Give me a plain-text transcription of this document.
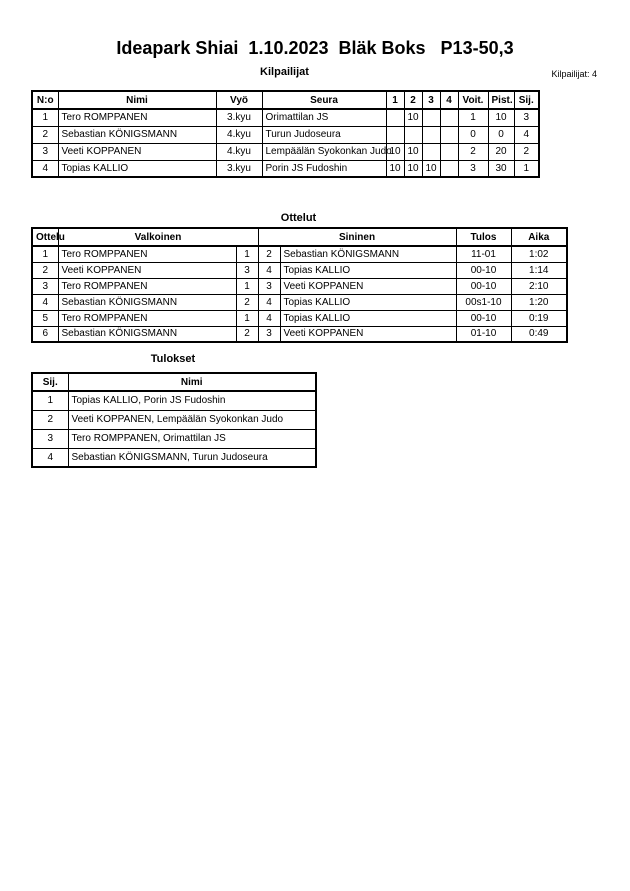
Ideapark Shiai  1.10.2023  Bläk Boks   P13-50,3
Kilpailijat: 4
Kilpailijat
N:o	Nimi	Vyö	Seura	1	2	3	4	Voit.	Pist.	Sij.
1	Tero ROMPPANEN	3.kyu	Orimattilan JS		10			1	10	3
2	Sebastian KÖNIGSMANN	4.kyu	Turun Judoseura					0	0	4
3	Veeti KOPPANEN	4.kyu	Lempäälän Syokonkan Judo	10	10			2	20	2
4	Topias KALLIO	3.kyu	Porin JS Fudoshin	10	10	10		3	30	1
Ottelut
Ottelu	Valkoinen		Sininen		Tulos	Aika
1	Tero ROMPPANEN	1	2	Sebastian KÖNIGSMANN	11-01	1:02
2	Veeti KOPPANEN	3	4	Topias KALLIO	00-10	1:14
3	Tero ROMPPANEN	1	3	Veeti KOPPANEN	00-10	2:10
4	Sebastian KÖNIGSMANN	2	4	Topias KALLIO	00s1-10	1:20
5	Tero ROMPPANEN	1	4	Topias KALLIO	00-10	0:19
6	Sebastian KÖNIGSMANN	2	3	Veeti KOPPANEN	01-10	0:49
Tulokset
Sij.	Nimi
1	Topias KALLIO, Porin JS Fudoshin
2	Veeti KOPPANEN, Lempäälän Syokonkan Judo
3	Tero ROMPPANEN, Orimattilan JS
4	Sebastian KÖNIGSMANN, Turun Judoseura
